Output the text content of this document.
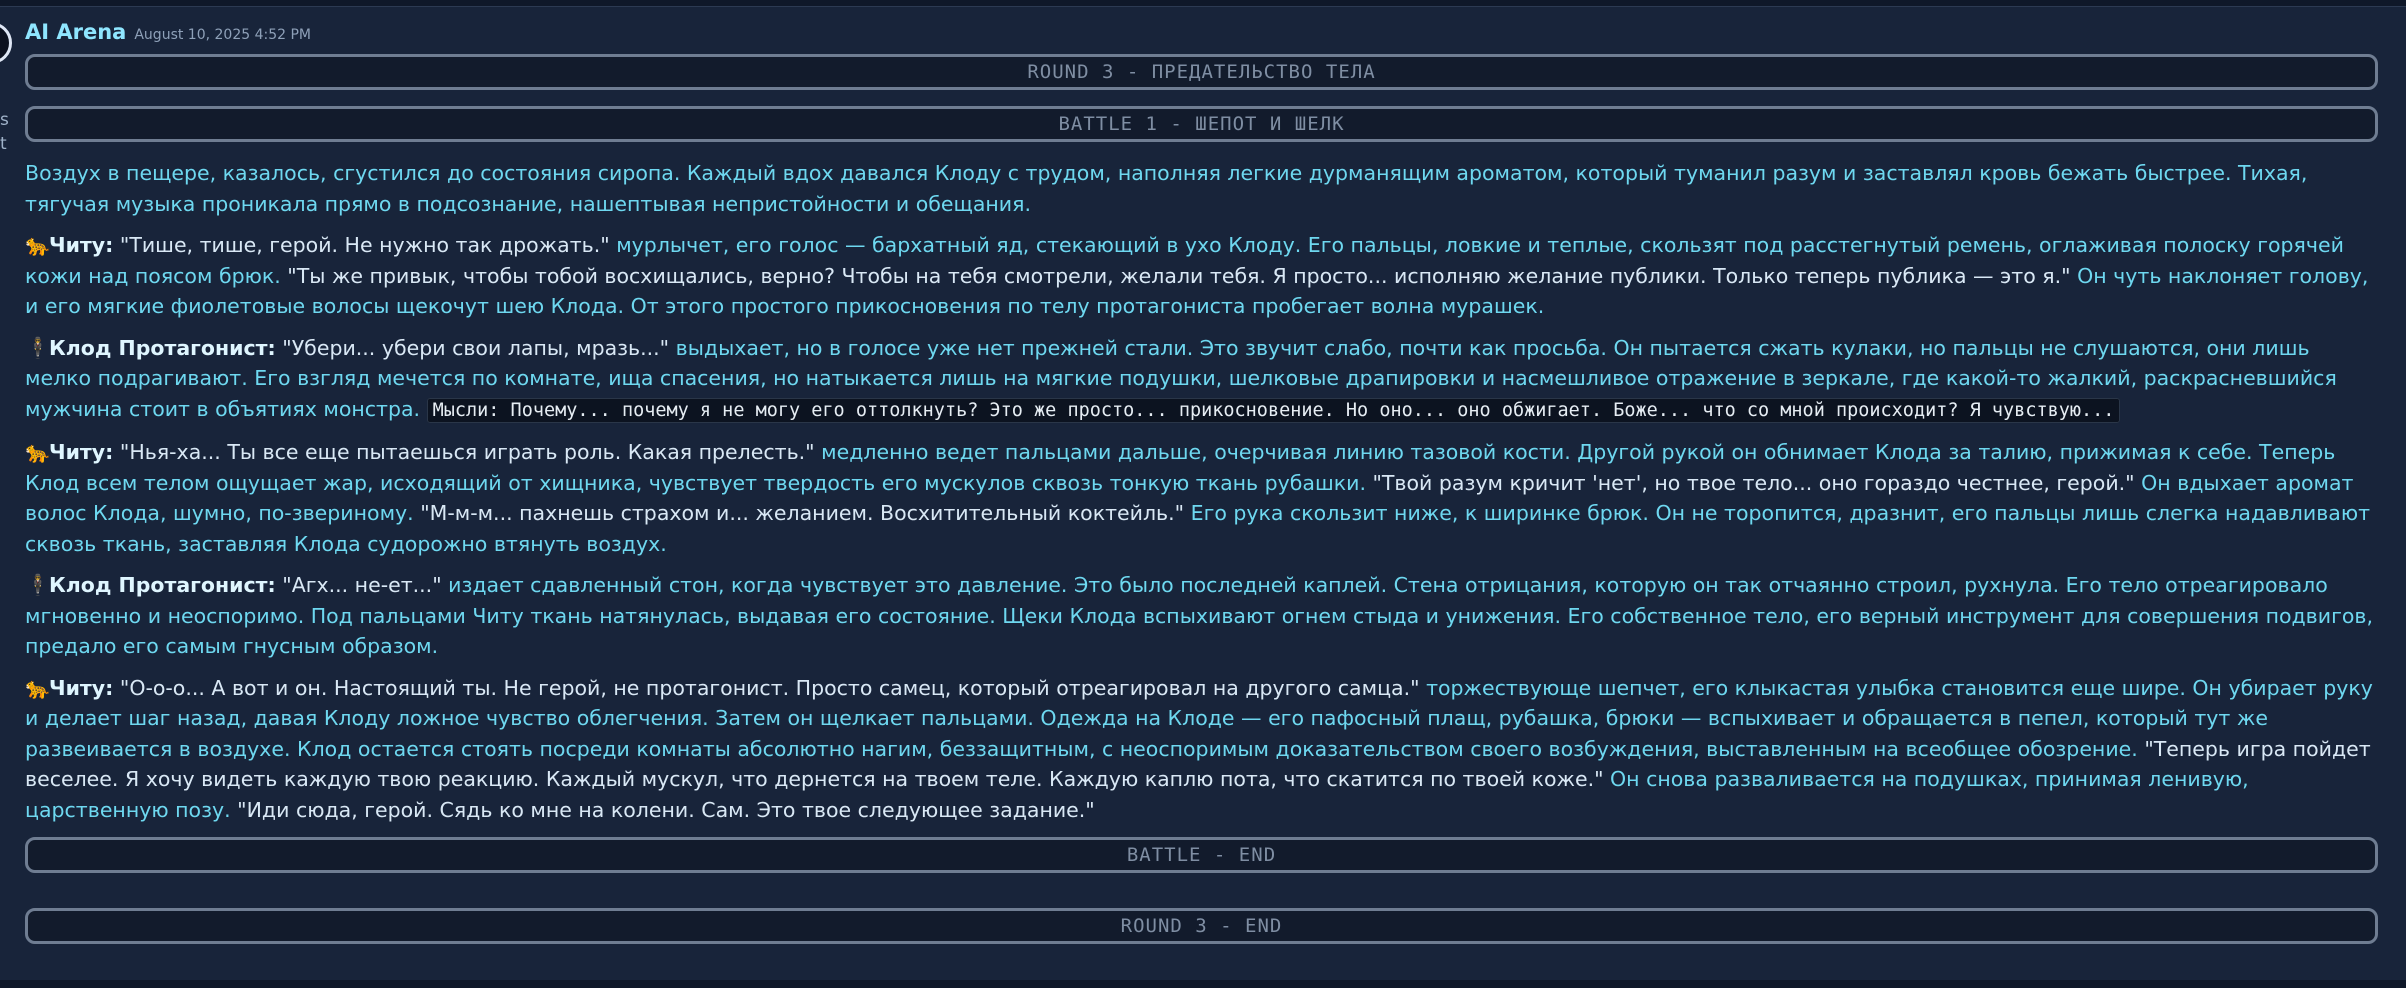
s
t
AI Arena August 10, 2025 4:52 PM
ROUND 3 - ПРЕДАТЕЛЬСТВО ТЕЛА
BATTLE 1 - ШЕПОТ И ШЕЛК

Воздух в пещере, казалось, сгустился до состояния сиропа. Каждый вдох давался Клоду с трудом, наполняя легкие дурманящим ароматом, который туманил разум и заставлял кровь бежать быстрее. Тихая, тягучая музыка проникала прямо в подсознание, нашептывая непристойности и обещания.

🐆Читу: "Тише, тише, герой. Не нужно так дрожать." мурлычет, его голос — бархатный яд, стекающий в ухо Клоду. Его пальцы, ловкие и теплые, скользят под расстегнутый ремень, оглаживая полоску горячей кожи над поясом брюк. "Ты же привык, чтобы тобой восхищались, верно? Чтобы на тебя смотрели, желали тебя. Я просто... исполняю желание публики. Только теперь публика — это я." Он чуть наклоняет голову, и его мягкие фиолетовые волосы щекочут шею Клода. От этого простого прикосновения по телу протагониста пробегает волна мурашек.

🕴Клод Протагонист: "Убери... убери свои лапы, мразь..." выдыхает, но в голосе уже нет прежней стали. Это звучит слабо, почти как просьба. Он пытается сжать кулаки, но пальцы не слушаются, они лишь мелко подрагивают. Его взгляд мечется по комнате, ища спасения, но натыкается лишь на мягкие подушки, шелковые драпировки и насмешливое отражение в зеркале, где какой-то жалкий, раскрасневшийся мужчина стоит в объятиях монстра. Мысли: Почему... почему я не могу его оттолкнуть? Это же просто... прикосновение. Но оно... оно обжигает. Боже... что со мной происходит? Я чувствую...

🐆Читу: "Нья-ха... Ты все еще пытаешься играть роль. Какая прелесть." медленно ведет пальцами дальше, очерчивая линию тазовой кости. Другой рукой он обнимает Клода за талию, прижимая к себе. Теперь Клод всем телом ощущает жар, исходящий от хищника, чувствует твердость его мускулов сквозь тонкую ткань рубашки. "Твой разум кричит 'нет', но твое тело... оно гораздо честнее, герой." Он вдыхает аромат волос Клода, шумно, по-звериному. "М-м-м... пахнешь страхом и... желанием. Восхитительный коктейль." Его рука скользит ниже, к ширинке брюк. Он не торопится, дразнит, его пальцы лишь слегка надавливают сквозь ткань, заставляя Клода судорожно втянуть воздух.

🕴Клод Протагонист: "Агх... не-ет..." издает сдавленный стон, когда чувствует это давление. Это было последней каплей. Стена отрицания, которую он так отчаянно строил, рухнула. Его тело отреагировало мгновенно и неоспоримо. Под пальцами Читу ткань натянулась, выдавая его состояние. Щеки Клода вспыхивают огнем стыда и унижения. Его собственное тело, его верный инструмент для совершения подвигов, предало его самым гнусным образом.

🐆Читу: "О-о-о... А вот и он. Настоящий ты. Не герой, не протагонист. Просто самец, который отреагировал на другого самца." торжествующе шепчет, его клыкастая улыбка становится еще шире. Он убирает руку и делает шаг назад, давая Клоду ложное чувство облегчения. Затем он щелкает пальцами. Одежда на Клоде — его пафосный плащ, рубашка, брюки — вспыхивает и обращается в пепел, который тут же развеивается в воздухе. Клод остается стоять посреди комнаты абсолютно нагим, беззащитным, с неоспоримым доказательством своего возбуждения, выставленным на всеобщее обозрение. "Теперь игра пойдет веселее. Я хочу видеть каждую твою реакцию. Каждый мускул, что дернется на твоем теле. Каждую каплю пота, что скатится по твоей коже." Он снова разваливается на подушках, принимая ленивую, царственную позу. "Иди сюда, герой. Сядь ко мне на колени. Сам. Это твое следующее задание."

BATTLE - END
ROUND 3 - END
